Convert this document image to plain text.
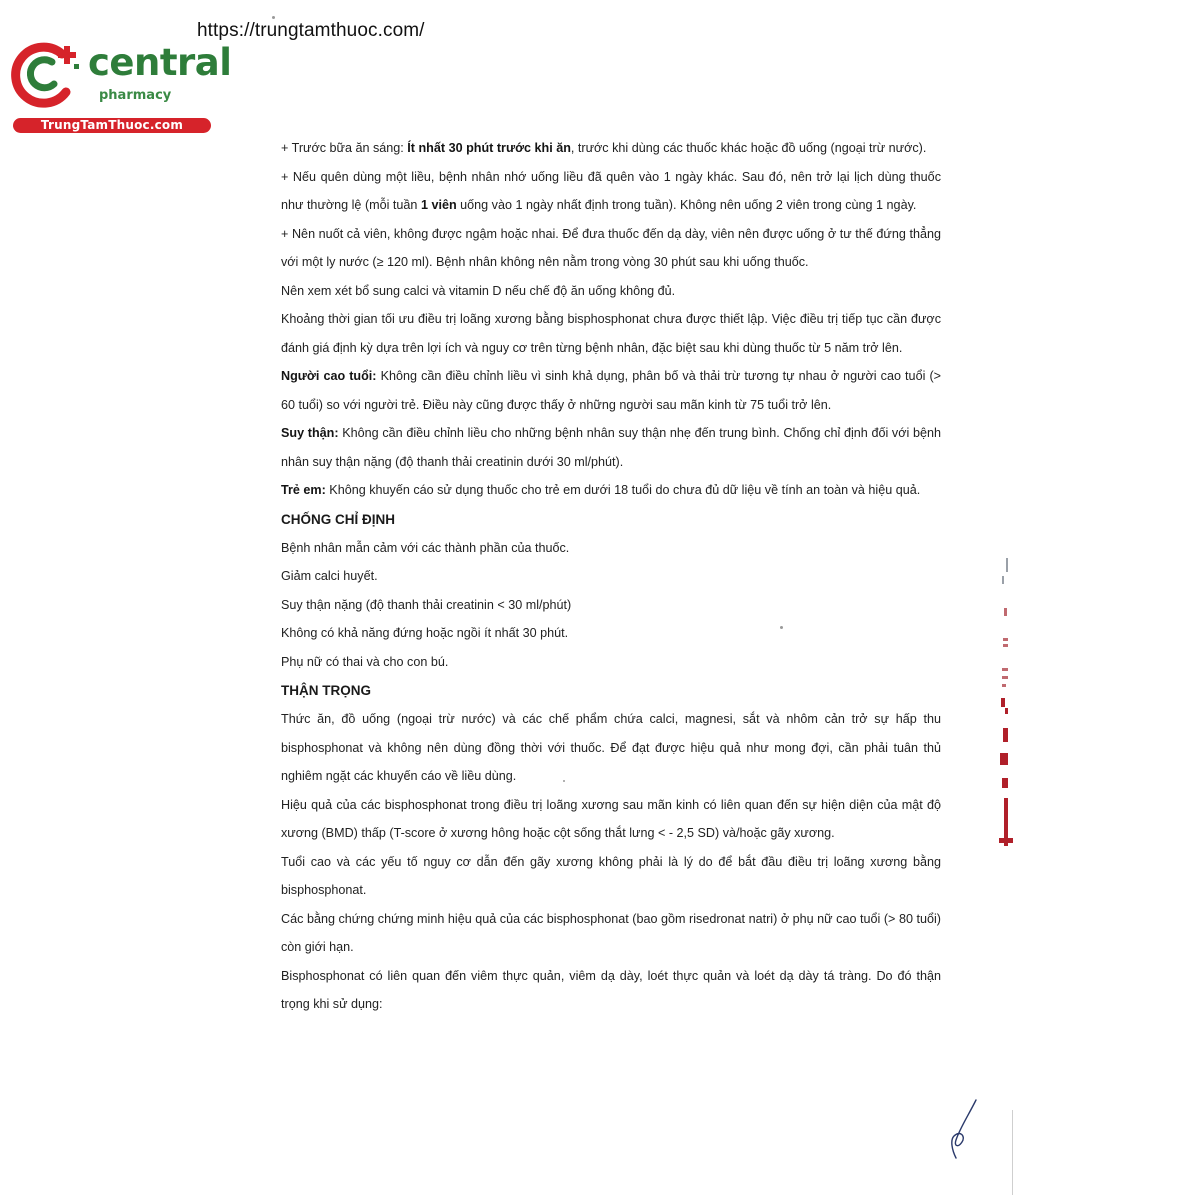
https://trungtamthuoc.com/
central
pharmacy
TrungTamThuoc.com

+ Trước bữa ăn sáng: Ít nhất 30 phút trước khi ăn, trước khi dùng các thuốc khác hoặc đồ uống (ngoại trừ nước).

+ Nếu quên dùng một liều, bệnh nhân nhớ uống liều đã quên vào 1 ngày khác. Sau đó, nên trở lại lịch dùng thuốc như thường lệ (mỗi tuần 1 viên uống vào 1 ngày nhất định trong tuần). Không nên uống 2 viên trong cùng 1 ngày.

+ Nên nuốt cả viên, không được ngậm hoặc nhai. Để đưa thuốc đến dạ dày, viên nên được uống ở tư thế đứng thẳng với một ly nước (≥ 120 ml). Bệnh nhân không nên nằm trong vòng 30 phút sau khi uống thuốc.

Nên xem xét bổ sung calci và vitamin D nếu chế độ ăn uống không đủ.

Khoảng thời gian tối ưu điều trị loãng xương bằng bisphosphonat chưa được thiết lập. Việc điều trị tiếp tục cần được đánh giá định kỳ dựa trên lợi ích và nguy cơ trên từng bệnh nhân, đặc biệt sau khi dùng thuốc từ 5 năm trở lên.

Người cao tuổi: Không cần điều chỉnh liều vì sinh khả dụng, phân bố và thải trừ tương tự nhau ở người cao tuổi (> 60 tuổi) so với người trẻ. Điều này cũng được thấy ở những người sau mãn kinh từ 75 tuổi trở lên.

Suy thận: Không cần điều chỉnh liều cho những bệnh nhân suy thận nhẹ đến trung bình. Chống chỉ định đối với bệnh nhân suy thận nặng (độ thanh thải creatinin dưới 30 ml/phút).

Trẻ em: Không khuyến cáo sử dụng thuốc cho trẻ em dưới 18 tuổi do chưa đủ dữ liệu về tính an toàn và hiệu quả.

CHỐNG CHỈ ĐỊNH

Bệnh nhân mẫn cảm với các thành phần của thuốc.

Giảm calci huyết.

Suy thận nặng (độ thanh thải creatinin < 30 ml/phút)

Không có khả năng đứng hoặc ngồi ít nhất 30 phút.

Phụ nữ có thai và cho con bú.

THẬN TRỌNG

Thức ăn, đồ uống (ngoại trừ nước) và các chế phẩm chứa calci, magnesi, sắt và nhôm cản trở sự hấp thu bisphosphonat và không nên dùng đồng thời với thuốc. Để đạt được hiệu quả như mong đợi, cần phải tuân thủ nghiêm ngặt các khuyến cáo về liều dùng.

Hiệu quả của các bisphosphonat trong điều trị loãng xương sau mãn kinh có liên quan đến sự hiện diện của mật độ xương (BMD) thấp (T-score ở xương hông hoặc cột sống thắt lưng < - 2,5 SD) và/hoặc gãy xương.

Tuổi cao và các yếu tố nguy cơ dẫn đến gãy xương không phải là lý do để bắt đầu điều trị loãng xương bằng bisphosphonat.

Các bằng chứng chứng minh hiệu quả của các bisphosphonat (bao gồm risedronat natri) ở phụ nữ cao tuổi (> 80 tuổi) còn giới hạn.

Bisphosphonat có liên quan đến viêm thực quản, viêm dạ dày, loét thực quản và loét dạ dày tá tràng. Do đó thận trọng khi sử dụng:
